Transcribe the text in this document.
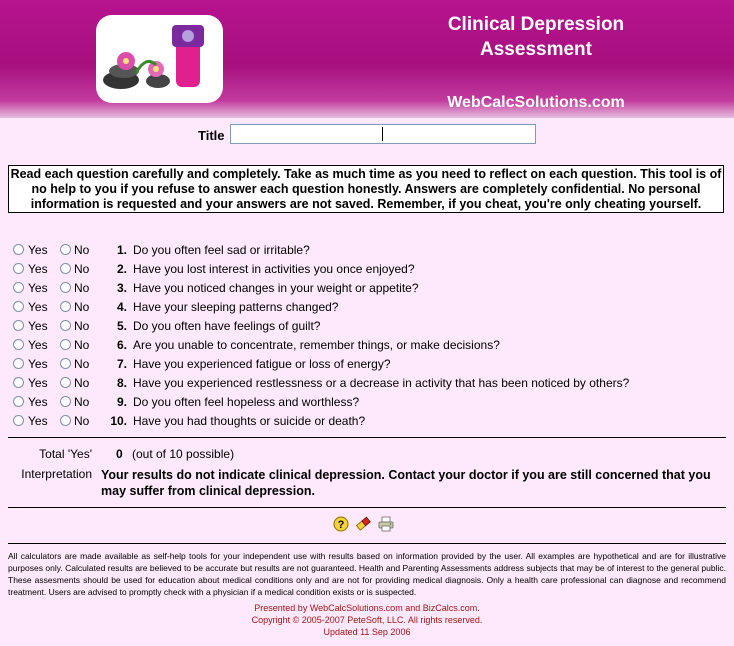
Clinical Depression Assessment
WebCalcSolutions.com
Title
Read each question carefully and completely. Take as much time as you need to reflect on each question. This tool is of no help to you if you refuse to answer each question honestly. Answers are completely confidential. No personal information is requested and your answers are not saved. Remember, if you cheat, you're only cheating yourself.
Yes No	1. Do you often feel sad or irritable?
Yes No	2. Have you lost interest in activities you once enjoyed?
Yes No	3. Have you noticed changes in your weight or appetite?
Yes No	4. Have your sleeping patterns changed?
Yes No	5. Do you often have feelings of guilt?
Yes No	6. Are you unable to concentrate, remember things, or make decisions?
Yes No	7. Have you experienced fatigue or loss of energy?
Yes No	8. Have you experienced restlessness or a decrease in activity that has been noticed by others?
Yes No	9. Do you often feel hopeless and worthless?
Yes No	10. Have you had thoughts or suicide or death?
Total 'Yes' 0 (out of 10 possible)
Interpretation Your results do not indicate clinical depression. Contact your doctor if you are still concerned that you may suffer from clinical depression.
?
All calculators are made available as self-help tools for your independent use with results based on information provided by the user. All examples are hypothetical and are for illustrative purposes only. Calculated results are believed to be accurate but results are not guaranteed. Health and Parenting Assessments address subjects that may be of interest to the general public. These assesments should be used for education about medical conditions only and are not for providing medical diagnosis. Only a health care professional can diagnose and recommend treatment. Users are advised to promptly check with a physician if a medical condition exists or is suspected.
Presented by WebCalcSolutions.com and BizCalcs.com.
Copyright © 2005-2007 PeteSoft, LLC. All rights reserved.
Updated 11 Sep 2006
